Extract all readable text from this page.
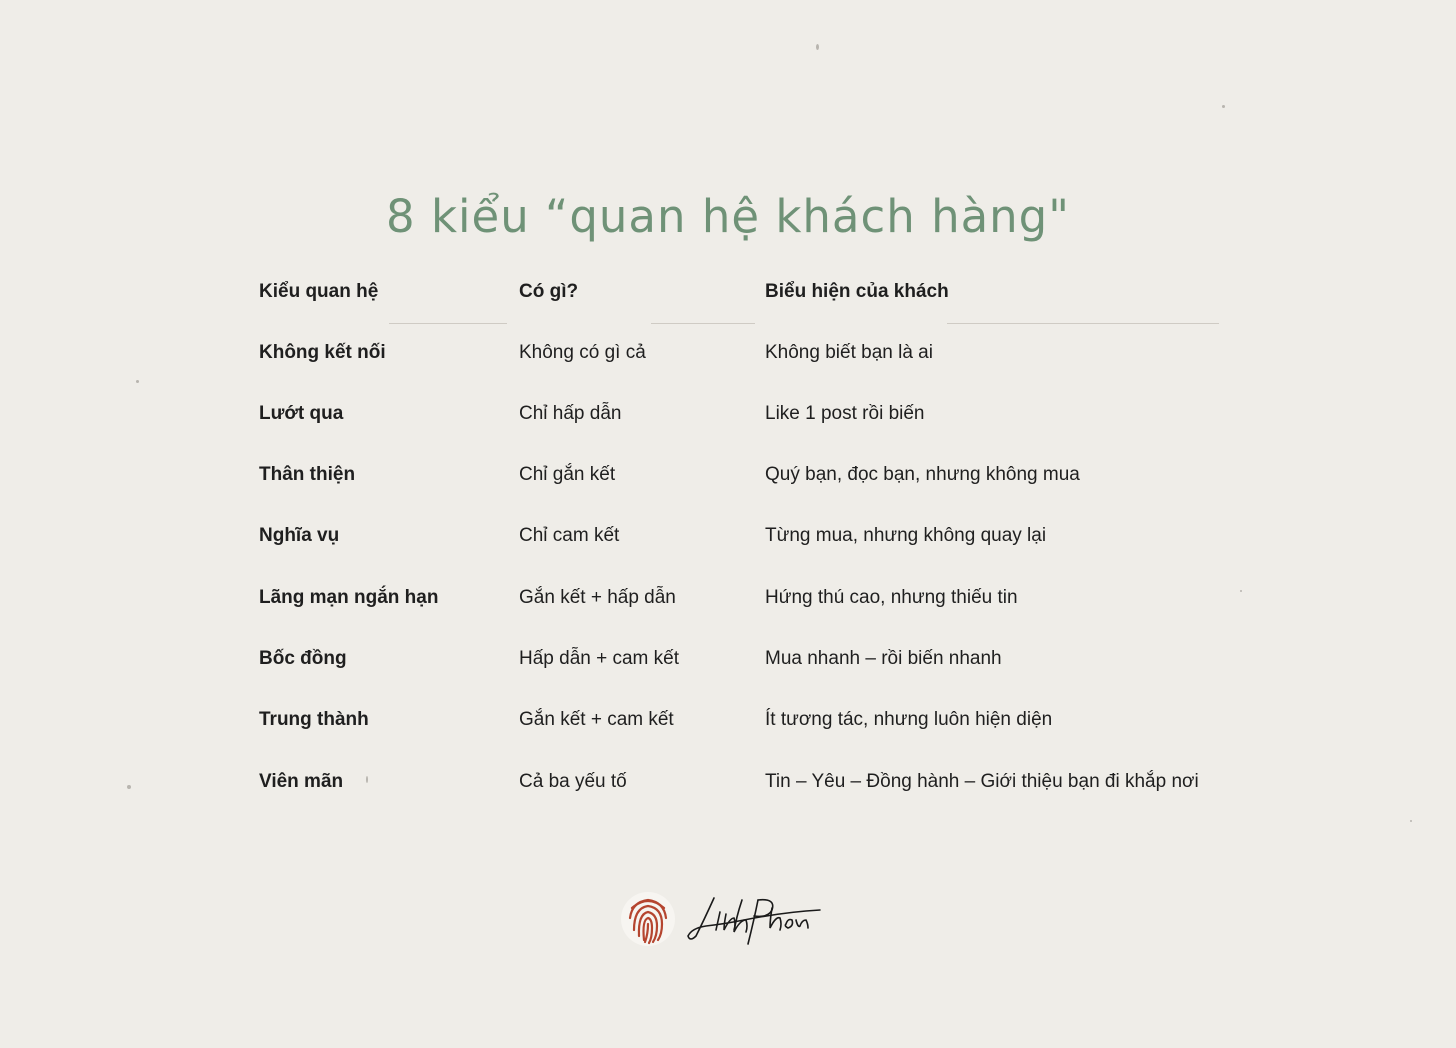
8 kiểu “quan hệ khách hàng"
Kiểu quan hệ	Có gì?	Biểu hiện của khách
Không kết nối	Không có gì cả	Không biết bạn là ai
Lướt qua	Chỉ hấp dẫn	Like 1 post rồi biến
Thân thiện	Chỉ gắn kết	Quý bạn, đọc bạn, nhưng không mua
Nghĩa vụ	Chỉ cam kết	Từng mua, nhưng không quay lại
Lãng mạn ngắn hạn	Gắn kết + hấp dẫn	Hứng thú cao, nhưng thiếu tin
Bốc đồng	Hấp dẫn + cam kết	Mua nhanh – rồi biến nhanh
Trung thành	Gắn kết + cam kết	Ít tương tác, nhưng luôn hiện diện
Viên mãn	Cả ba yếu tố	Tin – Yêu – Đồng hành – Giới thiệu bạn đi khắp nơi
